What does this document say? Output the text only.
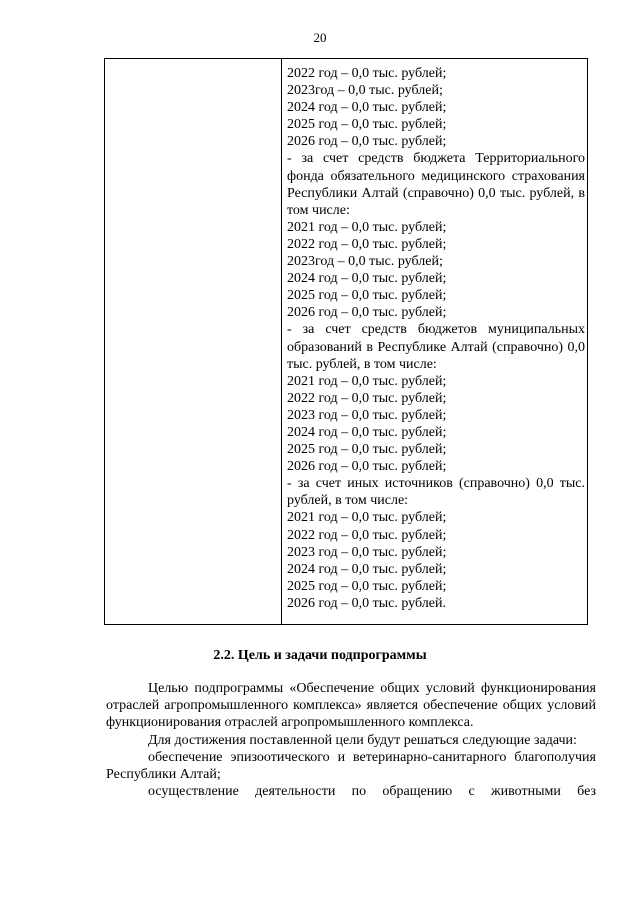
20
2022 год – 0,0 тыс. рублей;
2023год – 0,0 тыс. рублей;
2024 год – 0,0 тыс. рублей;
2025 год – 0,0 тыс. рублей;
2026 год – 0,0 тыс. рублей;
- за счет средств бюджета Территориального фонда обязательного медицинского страхования Республики Алтай (справочно) 0,0 тыс. рублей, в том числе:
2021 год – 0,0 тыс. рублей;
2022 год – 0,0 тыс. рублей;
2023год – 0,0 тыс. рублей;
2024 год – 0,0 тыс. рублей;
2025 год – 0,0 тыс. рублей;
2026 год – 0,0 тыс. рублей;
- за счет средств бюджетов муниципальных образований в Республике Алтай (справочно) 0,0 тыс. рублей, в том числе:
2021 год – 0,0 тыс. рублей;
2022 год – 0,0 тыс. рублей;
2023 год – 0,0 тыс. рублей;
2024 год – 0,0 тыс. рублей;
2025 год – 0,0 тыс. рублей;
2026 год – 0,0 тыс. рублей;
- за счет иных источников (справочно) 0,0 тыс. рублей, в том числе:
2021 год – 0,0 тыс. рублей;
2022 год – 0,0 тыс. рублей;
2023 год – 0,0 тыс. рублей;
2024 год – 0,0 тыс. рублей;
2025 год – 0,0 тыс. рублей;
2026 год – 0,0 тыс. рублей.
2.2. Цель и задачи подпрограммы

Целью подпрограммы «Обеспечение общих условий функционирования отраслей агропромышленного комплекса» является обеспечение общих условий функционирования отраслей агропромышленного комплекса.

Для достижения поставленной цели будут решаться следующие задачи:

обеспечение эпизоотического и ветеринарно-санитарного благополучия Республики Алтай;

осуществление деятельности по обращению с животными без
